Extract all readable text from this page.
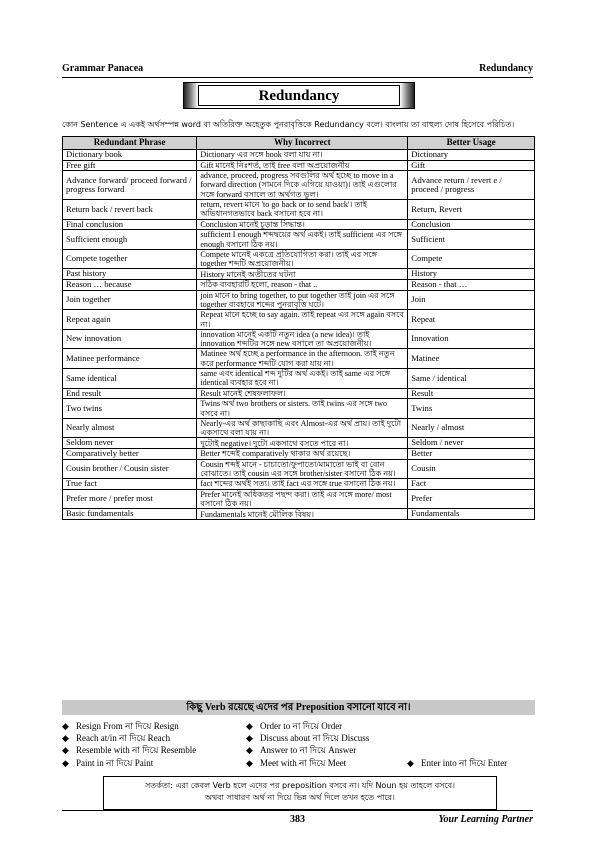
Grammar Panacea	Redundancy
Redundancy
কোন Sentence এ একই অর্থসম্পন্ন word বা অতিরিক্ত অহেতুক পুনরাবৃত্তিকে Redundancy বলে। বাংলায় তা বাহুল্য দোষ হিসেবে পরিচিত।
Redundant Phrase	Why Incorrect	Better Usage
Dictionary book	Dictionary এর সঙ্গে book বলা যায় না।	Dictionary
Free gift	Gift মানেই নিঃশর্ত, তাই free বলা অপ্রয়োজনীয়	Gift
Advance forward/ proceed forward / progress forward	advance, proceed, progress সবগুলির অর্থ হচ্ছে to move in a forward direction (সামনে দিকে এগিয়ে যাওয়া)। তাই এগুলোর সঙ্গে forward বসালে তা অর্থগত ভুল।	Advance return / revert e / proceed / progress
Return back / revert back	return, revert মানে 'to go back or to send back'। তাই অভিধানগতভাবে back বসানো হবে না।	Return, Revert
Final conclusion	Conclusion মানেই চূড়ান্ত সিদ্ধান্ত।	Conclusion
Sufficient enough	sufficient I enough শব্দদ্বয়ের অর্থ একই। তাই sufficient এর সঙ্গে enough বসানো ঠিক নয়।	Sufficient
Compete together	Compete মানেই একত্রে প্রতিযোগিতা করা। তাই এর সঙ্গে together শব্দটি অপ্রয়োজনীয়।	Compete
Past history	History মানেই অতীতের ঘটনা	History
Reason … because	সঠিক ব্যবহারটি হলো, reason - that ..	Reason - that …
Join together	join মানে to bring together, to put together তাই join এর সঙ্গে together ব্যবহারে শব্দের পুনরাবৃত্তি ঘটে।	Join
Repeat again	Repeat মানে হচ্ছে to say again. তাই repeat এর সঙ্গে again বসবে না।	Repeat
New innovation	innovation মানেই একটি নতুন idea (a new idea)। তাই innovation শব্দটির সঙ্গে new বসালে তা অপ্রয়োজনীয়।	Innovation
Matinee performance	Matinee অর্থ হচ্ছে a performance in the afternoon. তাই নতুন করে performance শব্দটি যোগ করা যায় না।	Matinee
Same identical	same এবং identical শব্দ দুটির অর্থ একই। তাই same এর সঙ্গে identical ব্যবহার হবে না।	Same / identical
End result	Result মানেই শেষফলাফল।	Result
Two twins	Twins অর্থ two brothers or sisters. তাই twins এর সঙ্গে two বসবে না।	Twins
Nearly almost	Nearly-এর অর্থ কাছাকাছি এবং Almost-এর অর্থ প্রায়। তাই দুটো একসাথে বলা যায় না।	Nearly / almost
Seldom never	দুটোই negative। দুটো একসাথে বসতে পারে না।	Seldom / never
Comparatively better	Better শব্দেই comparatively থাকার অর্থ রয়েছে।	Better
Cousin brother / Cousin sister	Cousin শব্দই মানে - চাচাতো/ফুপাতো/মামাতো ভাই বা বোন বোঝাতে। তাই cousin এর সঙ্গে brother/sister বসানো ঠিক নয়।	Cousin
True fact	fact শব্দের অর্থই সত্য। তাই fact এর সঙ্গে true বসানো ঠিক নয়।	Fact
Prefer more / prefer most	Prefer মানেই অধিকতর পছন্দ করা। তাই এর সঙ্গে more/ most বসানো ঠিক নয়।	Prefer
Basic fundamentals	Fundamentals মানেই মৌলিক বিষয়।	Fundamentals
কিছু Verb রয়েছে এদের পর Preposition বসানো যাবে না।
◆ Resign From না দিয়ে Resign
◆ Reach at/in না দিয়ে Reach
◆ Resemble with না দিয়ে Resemble
◆ Paint in না দিয়ে Paint
◆ Order to না দিয়ে Order
◆ Discuss about না দিয়ে Discuss
◆ Answer to না দিয়ে Answer
◆ Meet with না দিয়ে Meet	◆ Enter into না দিয়ে Enter
সতর্কতা: এরা কেবল Verb হলে এদের পর preposition বসবে না। যদি Noun হয় তাহলে বসবে।
অথবা সাধারণ অর্থ না দিয়ে ভিন্ন অর্থ দিলে তখন হতে পারে।
383	Your Learning Partner
